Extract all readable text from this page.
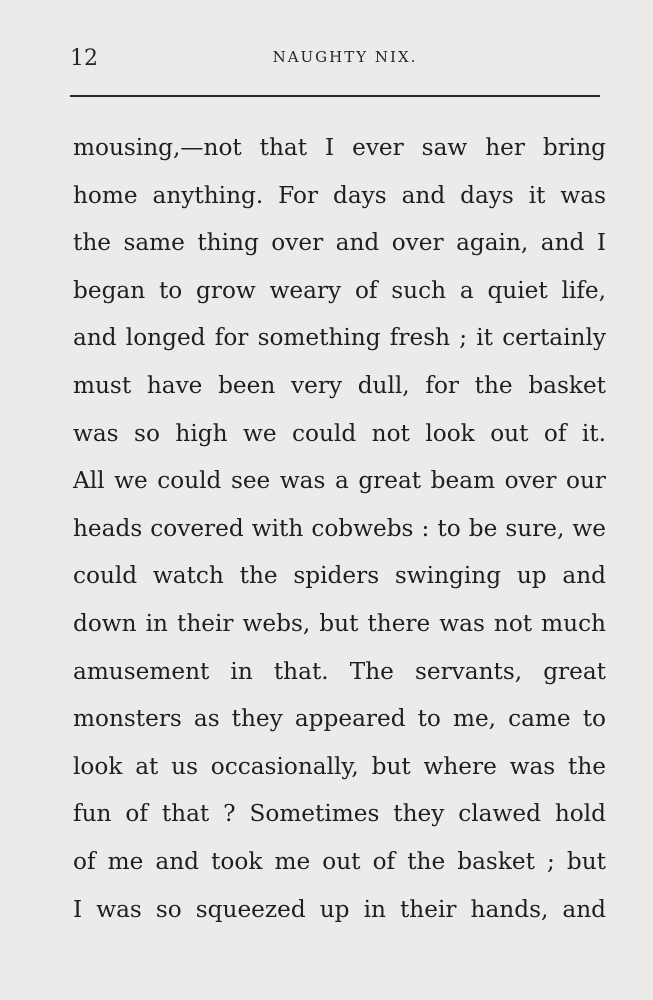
12	NAUGHTY NIX.
mousing,—not that I ever saw her bring
home anything. For days and days it was
the same thing over and over again, and I
began to grow weary of such a quiet life,
and longed for something fresh ; it certainly
must have been very dull, for the basket
was so high we could not look out of it.
All we could see was a great beam over our
heads covered with cobwebs : to be sure, we
could watch the spiders swinging up and
down in their webs, but there was not much
amusement in that. The servants, great
monsters as they appeared to me, came to
look at us occasionally, but where was the
fun of that ? Sometimes they clawed hold
of me and took me out of the basket ; but
I was so squeezed up in their hands, and
